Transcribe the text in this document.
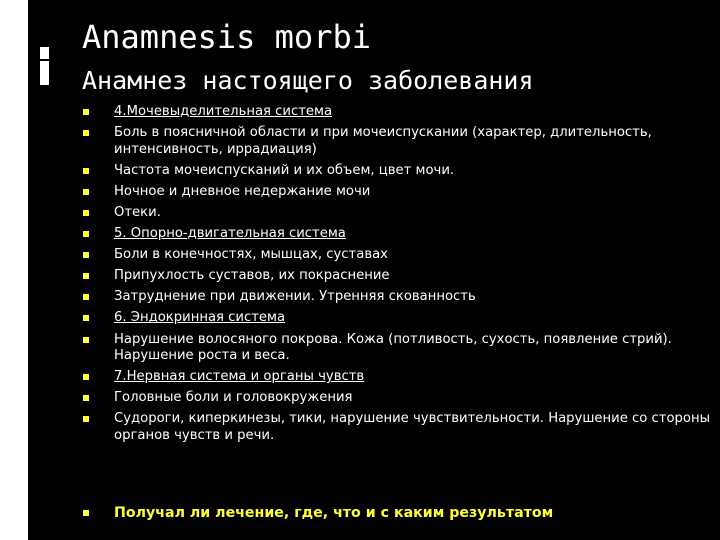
Anamnesis morbi
Анамнез настоящего заболевания
4.Мочевыделительная система
Боль в поясничной области и при мочеиспускании (характер, длительность, интенсивность, иррадиация)
Частота мочеиспусканий и их объем, цвет мочи.
Ночное и дневное недержание мочи
Отеки.
5. Опорно-двигательная система
Боли в конечностях, мышцах, суставах
Припухлость суставов, их покраснение
Затруднение при движении. Утренняя скованность
6. Эндокринная система
Нарушение волосяного покрова. Кожа (потливость, сухость, появление стрий). Нарушение роста и веса.
7.Нервная система и органы чувств
Головные боли и головокружения
Судороги, киперкинезы, тики, нарушение чувствительности. Нарушение со стороны органов чувств и речи.
Получал ли лечение, где, что и с каким результатом
